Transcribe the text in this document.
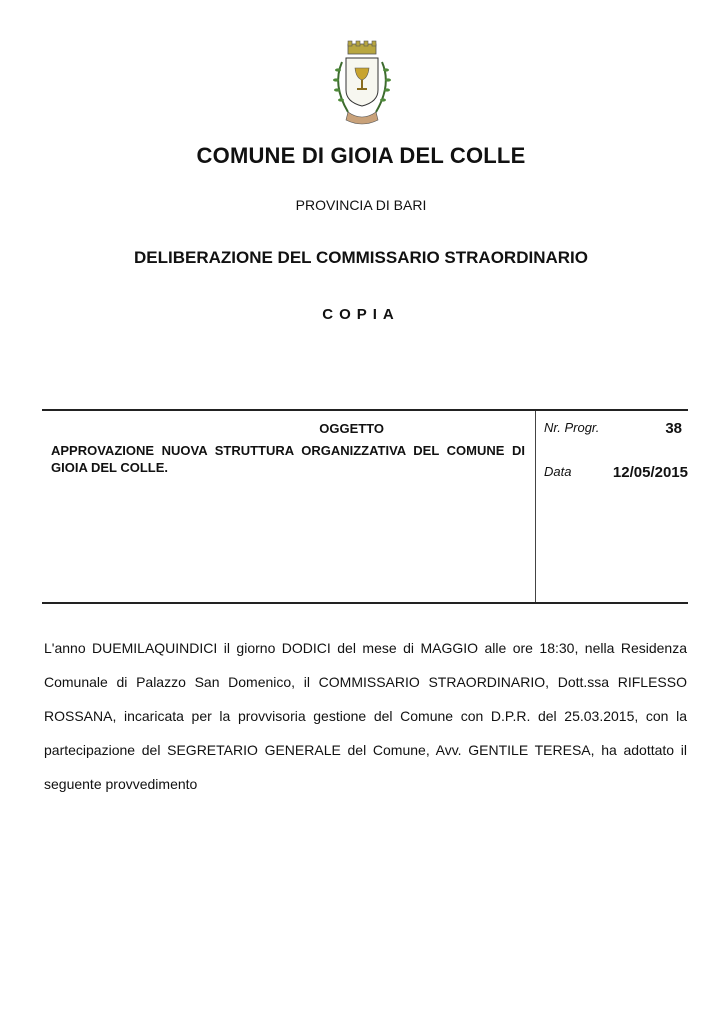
COMUNE DI GIOIA DEL COLLE
PROVINCIA DI BARI
DELIBERAZIONE DEL COMMISSARIO STRAORDINARIO
COPIA
OGGETTO
APPROVAZIONE NUOVA STRUTTURA ORGANIZZATIVA DEL COMUNE DI GIOIA DEL COLLE.
Nr. Progr.	38
Data	12/05/2015
L'anno DUEMILAQUINDICI il giorno DODICI del mese di MAGGIO alle ore 18:30, nella Residenza Comunale di Palazzo San Domenico, il COMMISSARIO STRAORDINARIO, Dott.ssa RIFLESSO ROSSANA, incaricata per la provvisoria gestione del Comune con D.P.R. del 25.03.2015, con la partecipazione del SEGRETARIO GENERALE del Comune, Avv. GENTILE TERESA, ha adottato il seguente provvedimento
